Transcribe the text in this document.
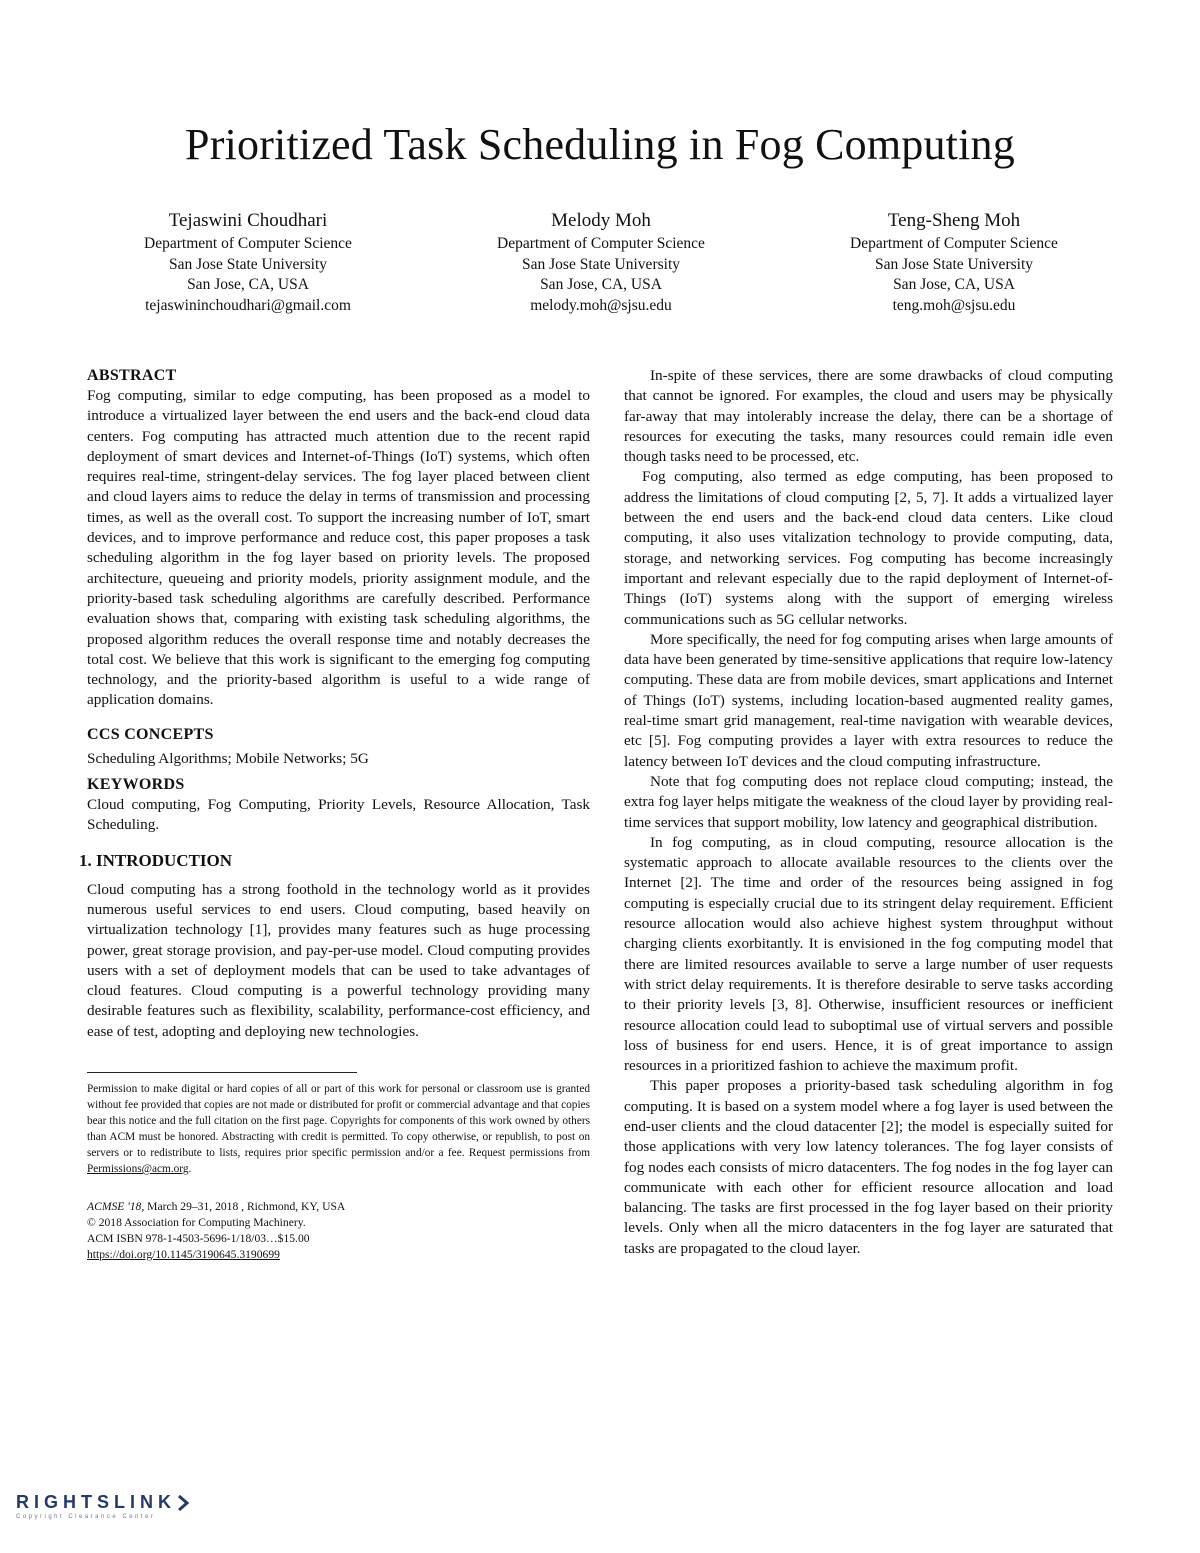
Prioritized Task Scheduling in Fog Computing
Tejaswini Choudhari
Department of Computer Science
San Jose State University
San Jose, CA, USA
tejaswininchoudhari@gmail.com
Melody Moh
Department of Computer Science
San Jose State University
San Jose, CA, USA
melody.moh@sjsu.edu
Teng-Sheng Moh
Department of Computer Science
San Jose State University
San Jose, CA, USA
teng.moh@sjsu.edu
ABSTRACT

Fog computing, similar to edge computing, has been proposed as a model to introduce a virtualized layer between the end users and the back-end cloud data centers. Fog computing has attracted much attention due to the recent rapid deployment of smart devices and Internet-of-Things (IoT) systems, which often requires real-time, stringent-delay services. The fog layer placed between client and cloud layers aims to reduce the delay in terms of transmission and processing times, as well as the overall cost. To support the increasing number of IoT, smart devices, and to improve performance and reduce cost, this paper proposes a task scheduling algorithm in the fog layer based on priority levels. The proposed architecture, queueing and priority models, priority assignment module, and the priority-based task scheduling algorithms are carefully described. Performance evaluation shows that, comparing with existing task scheduling algorithms, the proposed algorithm reduces the overall response time and notably decreases the total cost. We believe that this work is significant to the emerging fog computing technology, and the priority-based algorithm is useful to a wide range of application domains.

CCS CONCEPTS

Scheduling Algorithms; Mobile Networks; 5G

KEYWORDS

Cloud computing, Fog Computing, Priority Levels, Resource Allocation, Task Scheduling.

1. INTRODUCTION

Cloud computing has a strong foothold in the technology world as it provides numerous useful services to end users. Cloud computing, based heavily on virtualization technology [1], provides many features such as huge processing power, great storage provision, and pay-per-use model. Cloud computing provides users with a set of deployment models that can be used to take advantages of cloud features. Cloud computing is a powerful technology providing many desirable features such as flexibility, scalability, performance-cost efficiency, and ease of test, adopting and deploying new technologies.

Permission to make digital or hard copies of all or part of this work for personal or classroom use is granted without fee provided that copies are not made or distributed for profit or commercial advantage and that copies bear this notice and the full citation on the first page. Copyrights for components of this work owned by others than ACM must be honored. Abstracting with credit is permitted. To copy otherwise, or republish, to post on servers or to redistribute to lists, requires prior specific permission and/or a fee. Request permissions from Permissions@acm.org.

ACMSE '18, March 29–31, 2018 , Richmond, KY, USA
© 2018 Association for Computing Machinery.
ACM ISBN 978-1-4503-5696-1/18/03…$15.00
https://doi.org/10.1145/3190645.3190699

In-spite of these services, there are some drawbacks of cloud computing that cannot be ignored. For examples, the cloud and users may be physically far-away that may intolerably increase the delay, there can be a shortage of resources for executing the tasks, many resources could remain idle even though tasks need to be processed, etc.

Fog computing, also termed as edge computing, has been proposed to address the limitations of cloud computing [2, 5, 7]. It adds a virtualized layer between the end users and the back-end cloud data centers. Like cloud computing, it also uses vitalization technology to provide computing, data, storage, and networking services. Fog computing has become increasingly important and relevant especially due to the rapid deployment of Internet-of-Things (IoT) systems along with the support of emerging wireless communications such as 5G cellular networks.

More specifically, the need for fog computing arises when large amounts of data have been generated by time-sensitive applications that require low-latency computing. These data are from mobile devices, smart applications and Internet of Things (IoT) systems, including location-based augmented reality games, real-time smart grid management, real-time navigation with wearable devices, etc [5]. Fog computing provides a layer with extra resources to reduce the latency between IoT devices and the cloud computing infrastructure.

Note that fog computing does not replace cloud computing; instead, the extra fog layer helps mitigate the weakness of the cloud layer by providing real-time services that support mobility, low latency and geographical distribution.

In fog computing, as in cloud computing, resource allocation is the systematic approach to allocate available resources to the clients over the Internet [2]. The time and order of the resources being assigned in fog computing is especially crucial due to its stringent delay requirement. Efficient resource allocation would also achieve highest system throughput without charging clients exorbitantly. It is envisioned in the fog computing model that there are limited resources available to serve a large number of user requests with strict delay requirements. It is therefore desirable to serve tasks according to their priority levels [3, 8]. Otherwise, insufficient resources or inefficient resource allocation could lead to suboptimal use of virtual servers and possible loss of business for end users. Hence, it is of great importance to assign resources in a prioritized fashion to achieve the maximum profit.

This paper proposes a priority-based task scheduling algorithm in fog computing. It is based on a system model where a fog layer is used between the end-user clients and the cloud datacenter [2]; the model is especially suited for those applications with very low latency tolerances. The fog layer consists of fog nodes each consists of micro datacenters. The fog nodes in the fog layer can communicate with each other for efficient resource allocation and load balancing. The tasks are first processed in the fog layer based on their priority levels. Only when all the micro datacenters in the fog layer are saturated that tasks are propagated to the cloud layer.

RIGHTSLINK
Copyright Clearance Center
